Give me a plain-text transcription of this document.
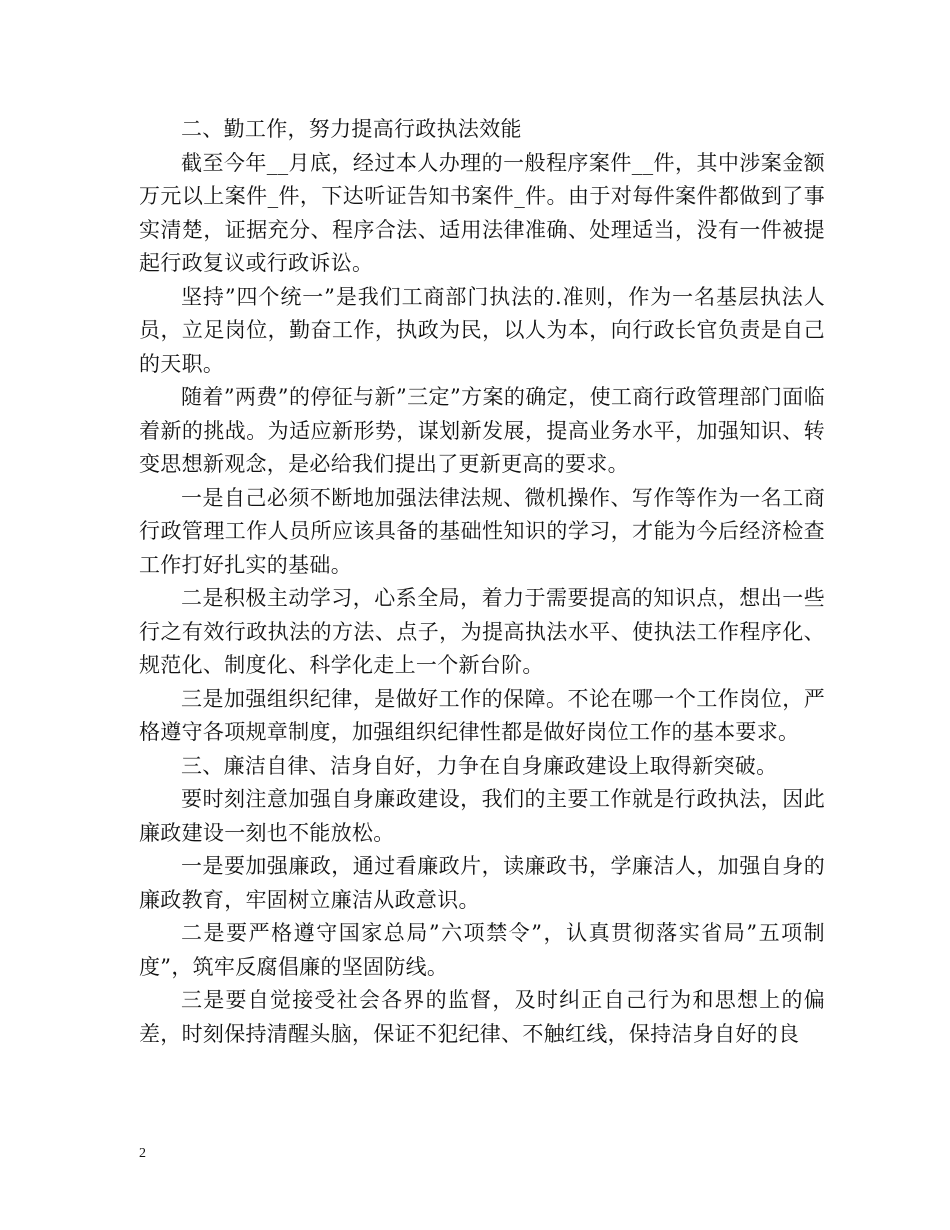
二、勤工作，努力提高行政执法效能

截至今年__月底，经过本人办理的一般程序案件__件，其中涉案金额万元以上案件_件，下达听证告知书案件_件。由于对每件案件都做到了事实清楚，证据充分、程序合法、适用法律准确、处理适当，没有一件被提起行政复议或行政诉讼。

坚持”四个统一”是我们工商部门执法的.准则，作为一名基层执法人员，立足岗位，勤奋工作，执政为民，以人为本，向行政长官负责是自己的天职。

随着”两费”的停征与新”三定”方案的确定，使工商行政管理部门面临着新的挑战。为适应新形势，谋划新发展，提高业务水平，加强知识、转变思想新观念，是必给我们提出了更新更高的要求。

一是自己必须不断地加强法律法规、微机操作、写作等作为一名工商行政管理工作人员所应该具备的基础性知识的学习，才能为今后经济检查工作打好扎实的基础。

二是积极主动学习，心系全局，着力于需要提高的知识点，想出一些行之有效行政执法的方法、点子，为提高执法水平、使执法工作程序化、规范化、制度化、科学化走上一个新台阶。

三是加强组织纪律，是做好工作的保障。不论在哪一个工作岗位，严格遵守各项规章制度，加强组织纪律性都是做好岗位工作的基本要求。

三、廉洁自律、洁身自好，力争在自身廉政建设上取得新突破。

要时刻注意加强自身廉政建设，我们的主要工作就是行政执法，因此廉政建设一刻也不能放松。

一是要加强廉政，通过看廉政片，读廉政书，学廉洁人，加强自身的廉政教育，牢固树立廉洁从政意识。

二是要严格遵守国家总局”六项禁令”，认真贯彻落实省局”五项制度”，筑牢反腐倡廉的坚固防线。

三是要自觉接受社会各界的监督，及时纠正自己行为和思想上的偏差，时刻保持清醒头脑，保证不犯纪律、不触红线，保持洁身自好的良

2
